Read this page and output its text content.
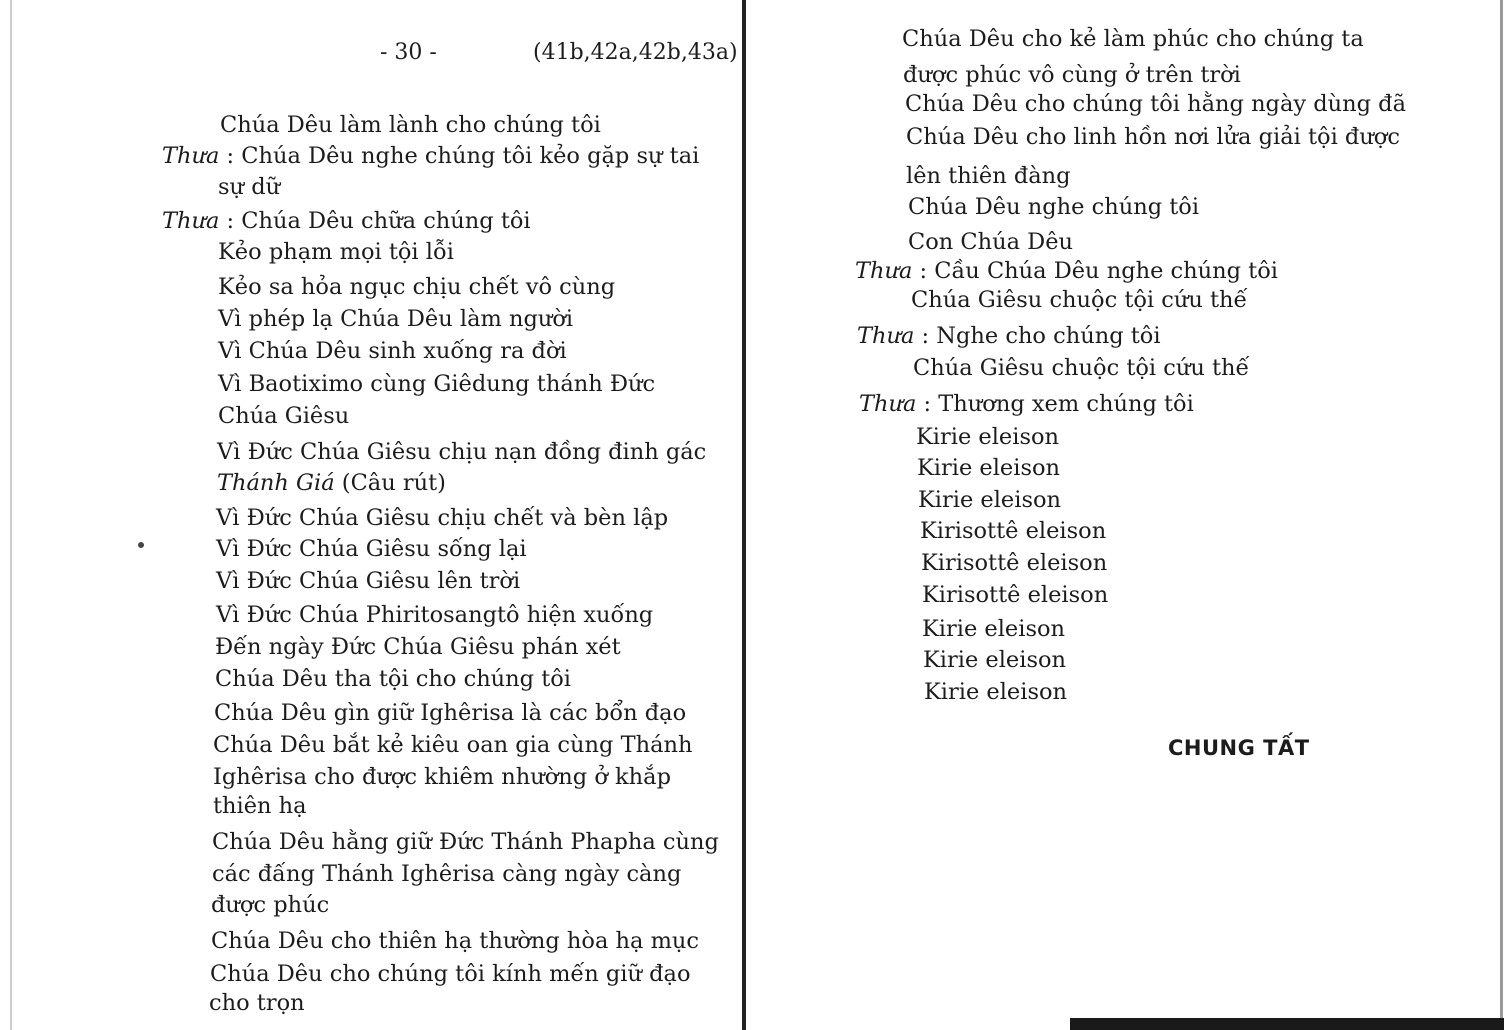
- 30 -	(41b,42a,42b,43a)
Chúa Dêu làm lành cho chúng tôi
Thưa : Chúa Dêu nghe chúng tôi kẻo gặp sự tai
sự dữ
Thưa : Chúa Dêu chữa chúng tôi
Kẻo phạm mọi tội lỗi
Kẻo sa hỏa ngục chịu chết vô cùng
Vì phép lạ Chúa Dêu làm người
Vì Chúa Dêu sinh xuống ra đời
Vì Baotiximo cùng Giêdung thánh Đức
Chúa Giêsu
Vì Đức Chúa Giêsu chịu nạn đồng đinh gác
Thánh Giá (Câu rút)
Vì Đức Chúa Giêsu chịu chết và bèn lập
Vì Đức Chúa Giêsu sống lại
Vì Đức Chúa Giêsu lên trời
Vì Đức Chúa Phiritosangtô hiện xuống
Đến ngày Đức Chúa Giêsu phán xét
Chúa Dêu tha tội cho chúng tôi
Chúa Dêu gìn giữ Ighêrisa là các bổn đạo
Chúa Dêu bắt kẻ kiêu oan gia cùng Thánh
Ighêrisa cho được khiêm nhường ở khắp
thiên hạ
Chúa Dêu hằng giữ Đức Thánh Phapha cùng
các đấng Thánh Ighêrisa càng ngày càng
được phúc
Chúa Dêu cho thiên hạ thường hòa hạ mục
Chúa Dêu cho chúng tôi kính mến giữ đạo
cho trọn
Chúa Dêu cho kẻ làm phúc cho chúng ta
được phúc vô cùng ở trên trời
Chúa Dêu cho chúng tôi hằng ngày dùng đã
Chúa Dêu cho linh hồn nơi lửa giải tội được
lên thiên đàng
Chúa Dêu nghe chúng tôi
Con Chúa Dêu
Thưa : Cầu Chúa Dêu nghe chúng tôi
Chúa Giêsu chuộc tội cứu thế
Thưa : Nghe cho chúng tôi
Chúa Giêsu chuộc tội cứu thế
Thưa : Thương xem chúng tôi
Kirie eleison
Kirie eleison
Kirie eleison
Kirisottê eleison
Kirisottê eleison
Kirisottê eleison
Kirie eleison
Kirie eleison
Kirie eleison
CHUNG TẤT
